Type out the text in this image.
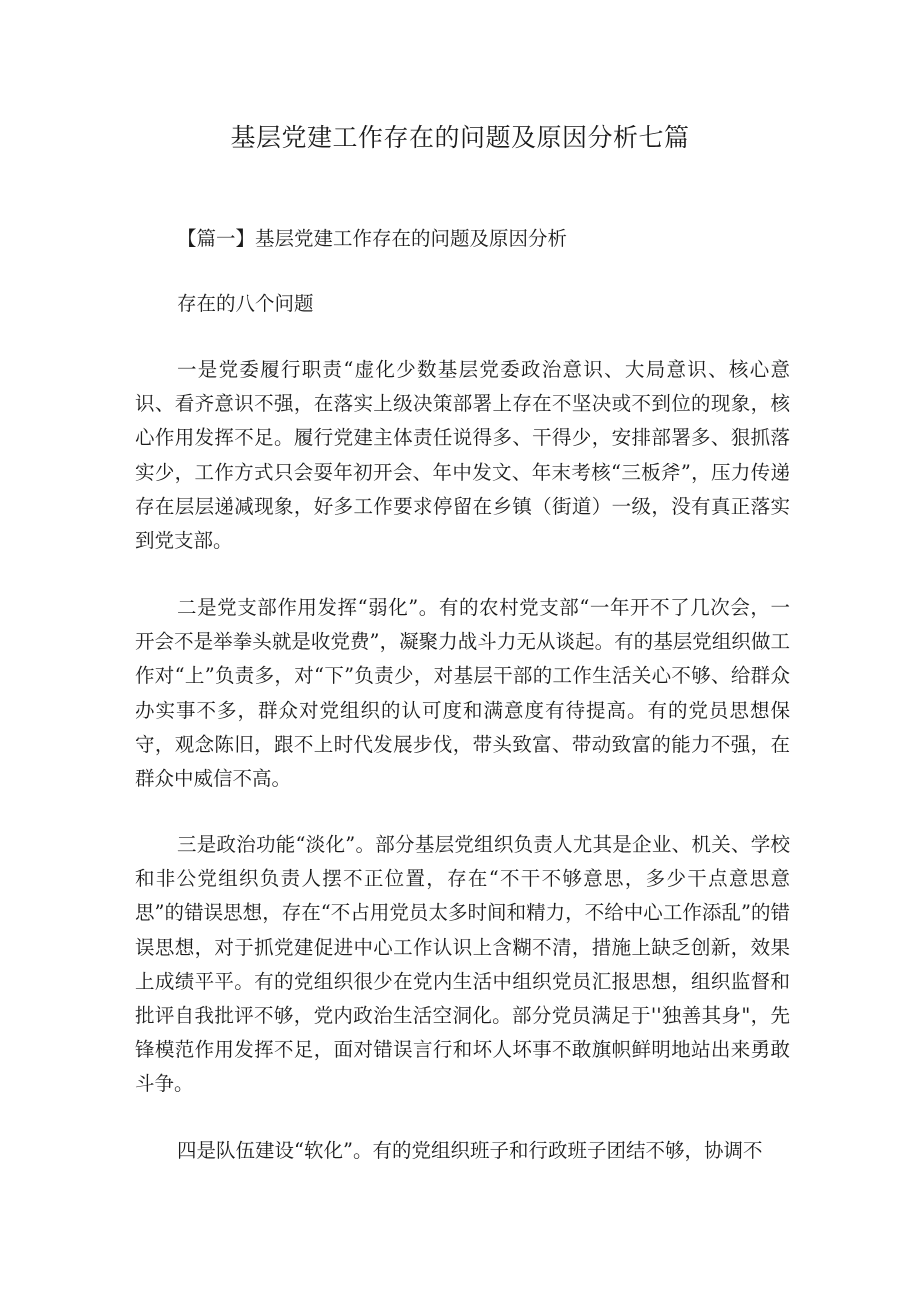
基层党建工作存在的问题及原因分析七篇

【篇一】基层党建工作存在的问题及原因分析

存在的八个问题

一是党委履行职责“虚化少数基层党委政治意识、大局意识、核心意识、看齐意识不强，在落实上级决策部署上存在不坚决或不到位的现象，核心作用发挥不足。履行党建主体责任说得多、干得少，安排部署多、狠抓落实少，工作方式只会耍年初开会、年中发文、年末考核“三板斧”，压力传递存在层层递减现象，好多工作要求停留在乡镇（街道）一级，没有真正落实到党支部。

二是党支部作用发挥“弱化”。有的农村党支部“一年开不了几次会，一开会不是举拳头就是收党费”，凝聚力战斗力无从谈起。有的基层党组织做工作对“上”负责多，对“下”负责少，对基层干部的工作生活关心不够、给群众办实事不多，群众对党组织的认可度和满意度有待提高。有的党员思想保守，观念陈旧，跟不上时代发展步伐，带头致富、带动致富的能力不强，在群众中威信不高。

三是政治功能“淡化”。部分基层党组织负责人尤其是企业、机关、学校和非公党组织负责人摆不正位置，存在“不干不够意思，多少干点意思意思”的错误思想，存在“不占用党员太多时间和精力，不给中心工作添乱”的错误思想，对于抓党建促进中心工作认识上含糊不清，措施上缺乏创新，效果上成绩平平。有的党组织很少在党内生活中组织党员汇报思想，组织监督和批评自我批评不够，党内政治生活空洞化。部分党员满足于''独善其身"，先锋模范作用发挥不足，面对错误言行和坏人坏事不敢旗帜鲜明地站出来勇敢斗争。

四是队伍建设“软化”。有的党组织班子和行政班子团结不够，协调不
